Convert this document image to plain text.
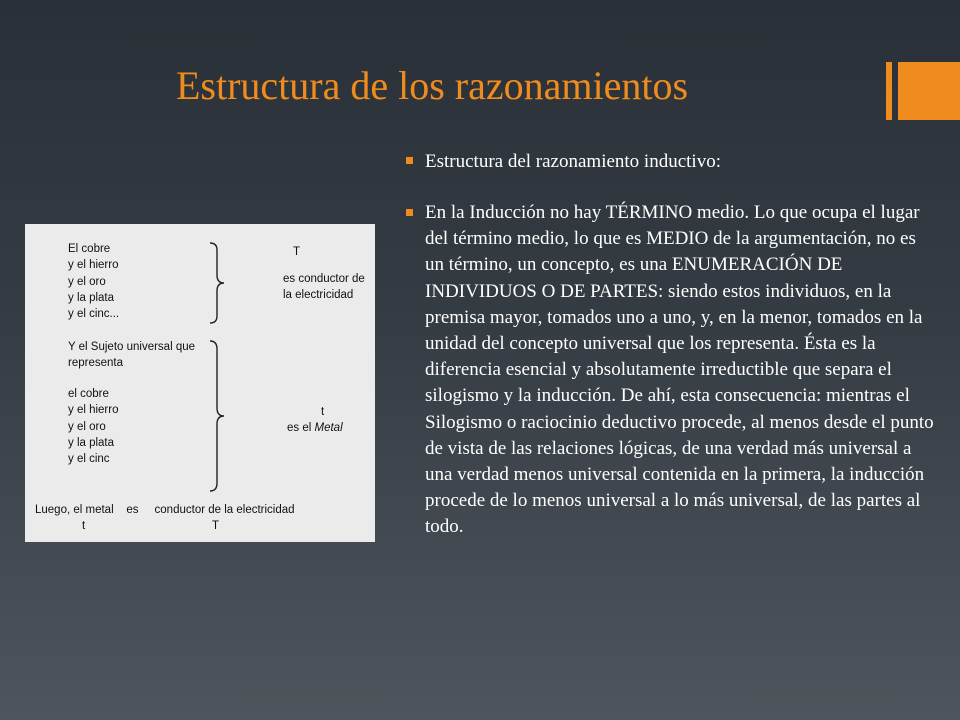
Estructura de los razonamientos
Estructura del razonamiento inductivo:
En la Inducción no hay TÉRMINO medio. Lo que ocupa el lugar del término medio, lo que es MEDIO de la argumentación, no es un término, un concepto, es una ENUMERACIÓN DE INDIVIDUOS O DE PARTES: siendo estos individuos, en la premisa mayor, tomados uno a uno, y, en la menor, tomados en la unidad del concepto universal que los representa. Ésta es la diferencia esencial y absolutamente irreductible que separa el silogismo y la inducción. De ahí, esta consecuencia: mientras el Silogismo o raciocinio deductivo procede, al menos desde el punto de vista de las relaciones lógicas, de una verdad más universal a una verdad menos universal contenida en la primera, la inducción procede de lo menos universal a lo más universal, de las partes al todo.

El cobre
y el hierro
y el oro
y la plata
y el cinc...

T

es conductor de
la electricidad

Y el Sujeto universal que
representa

el cobre
y el hierro
y el oro
y la plata
y el cinc

t

es el Metal

Luego, el metal    es     conductor de la electricidad

t	T
